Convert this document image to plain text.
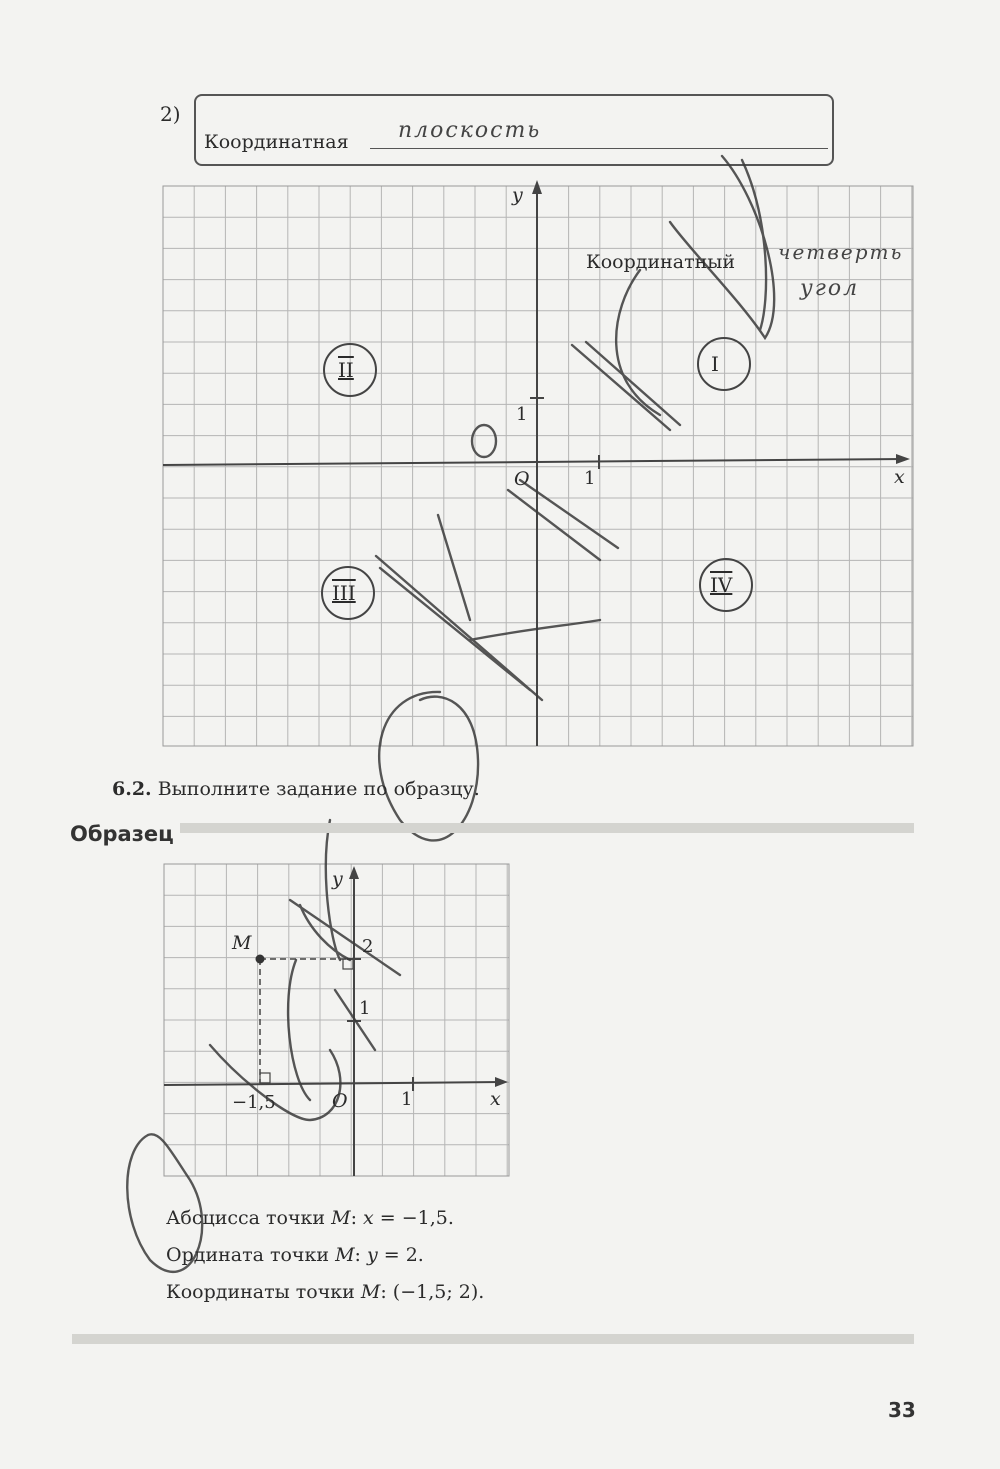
2)
Координатная плоскость
y
x
O	1
1
I
II
III	IV
Координатный четверть
угол
6.2. Выполните задание по образцу.
Образец
M
y
x
O
2
1
1
−1,5
Абсцисса точки M: x = −1,5.
Ордината точки M: y = 2.
Координаты точки M: (−1,5; 2).
33
